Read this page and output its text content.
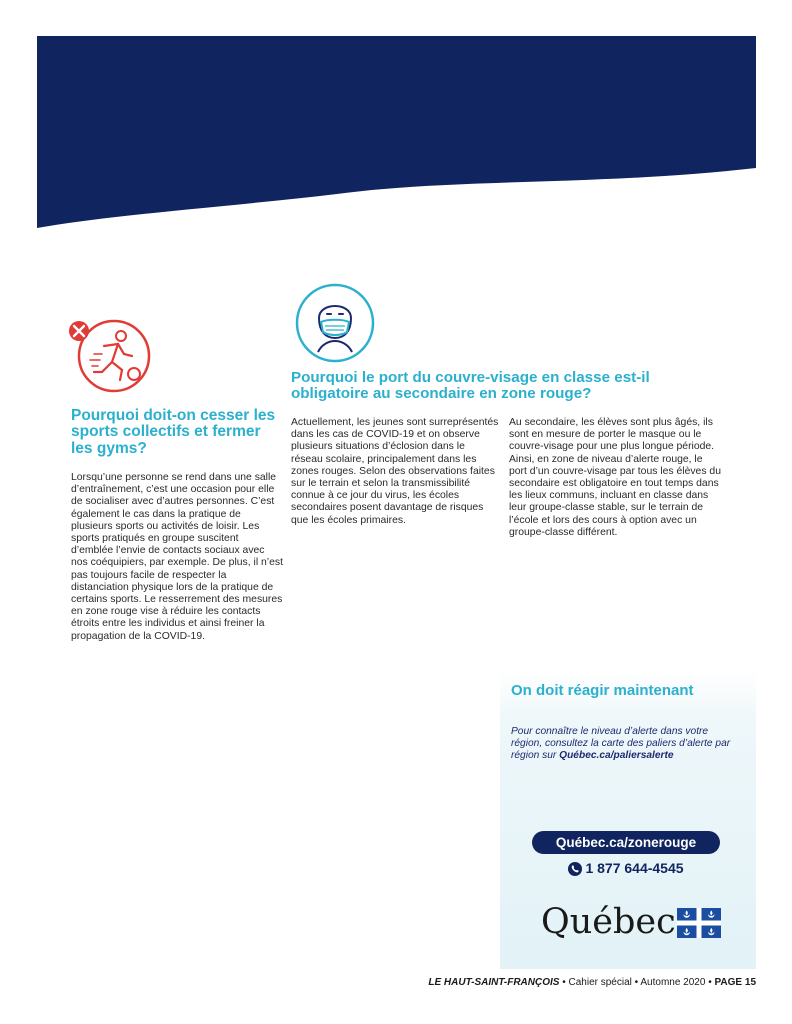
Pourquoi doit-on cesser les sports collectifs et fermer les gyms?

Lorsqu’une personne se rend dans une salle d’entraînement, c’est une occasion pour elle de socialiser avec d’autres personnes. C’est également le cas dans la pratique de plusieurs sports ou activités de loisir. Les sports pratiqués en groupe suscitent d’emblée l’envie de contacts sociaux avec nos coéquipiers, par exemple. De plus, il n’est pas toujours facile de respecter la distanciation physique lors de la pratique de certains sports. Le resserrement des mesures en zone rouge vise à réduire les contacts étroits entre les individus et ainsi freiner la propagation de la COVID-19.

Pourquoi le port du couvre-visage en classe est-il obligatoire au secondaire en zone rouge?

Actuellement, les jeunes sont surreprésentés dans les cas de COVID-19 et on observe plusieurs situations d’éclosion dans le réseau scolaire, principalement dans les zones rouges. Selon des observations faites sur le terrain et selon la transmissibilité connue à ce jour du virus, les écoles secondaires posent davantage de risques que les écoles primaires.

Au secondaire, les élèves sont plus âgés, ils sont en mesure de porter le masque ou le couvre-visage pour une plus longue période. Ainsi, en zone de niveau d’alerte rouge, le port d’un couvre-visage par tous les élèves du secondaire est obligatoire en tout temps dans les lieux communs, incluant en classe dans leur groupe-classe stable, sur le terrain de l’école et lors des cours à option avec un groupe-classe différent.

On doit réagir maintenant

Pour connaître le niveau d’alerte dans votre région, consultez la carte des paliers d’alerte par région sur Québec.ca/paliersalerte

Québec.ca/zonerouge
1 877 644-4545
Québec
LE HAUT-SAINT-FRANÇOIS • Cahier spécial • Automne 2020 • PAGE 15
